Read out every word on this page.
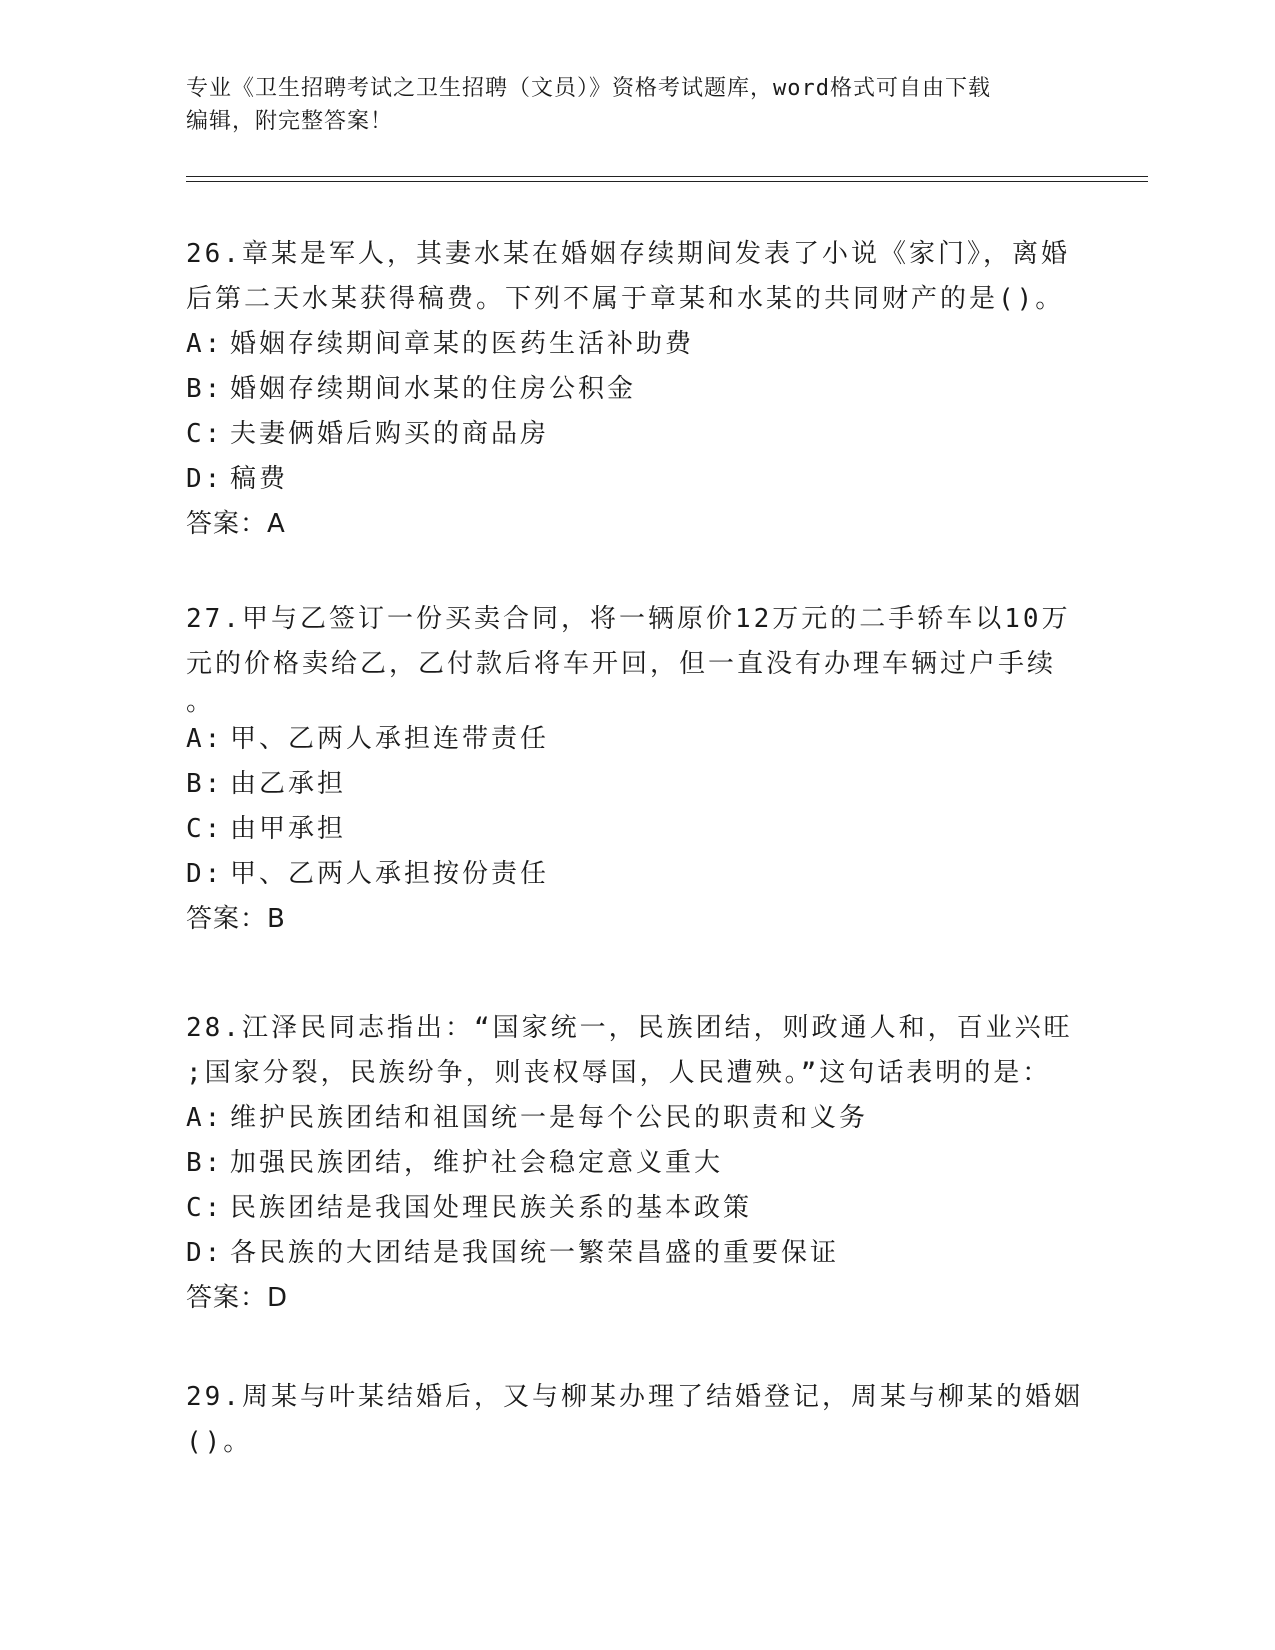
专业《卫生招聘考试之卫生招聘（文员）》资格考试题库，word格式可自由下载
编辑，附完整答案！

26.章某是军人，其妻水某在婚姻存续期间发表了小说《家门》，离婚

后第二天水某获得稿费。下列不属于章某和水某的共同财产的是()。

A: 婚姻存续期间章某的医药生活补助费

B: 婚姻存续期间水某的住房公积金

C: 夫妻俩婚后购买的商品房

D: 稿费

答案：A

27.甲与乙签订一份买卖合同，将一辆原价12万元的二手轿车以10万

元的价格卖给乙，乙付款后将车开回，但一直没有办理车辆过户手续

。

A: 甲、乙两人承担连带责任

B: 由乙承担

C: 由甲承担

D: 甲、乙两人承担按份责任

答案：B

28.江泽民同志指出：“国家统一，民族团结，则政通人和，百业兴旺

;国家分裂，民族纷争，则丧权辱国，人民遭殃。”这句话表明的是：

A: 维护民族团结和祖国统一是每个公民的职责和义务

B: 加强民族团结，维护社会稳定意义重大

C: 民族团结是我国处理民族关系的基本政策

D: 各民族的大团结是我国统一繁荣昌盛的重要保证

答案：D

29.周某与叶某结婚后，又与柳某办理了结婚登记，周某与柳某的婚姻

()。
